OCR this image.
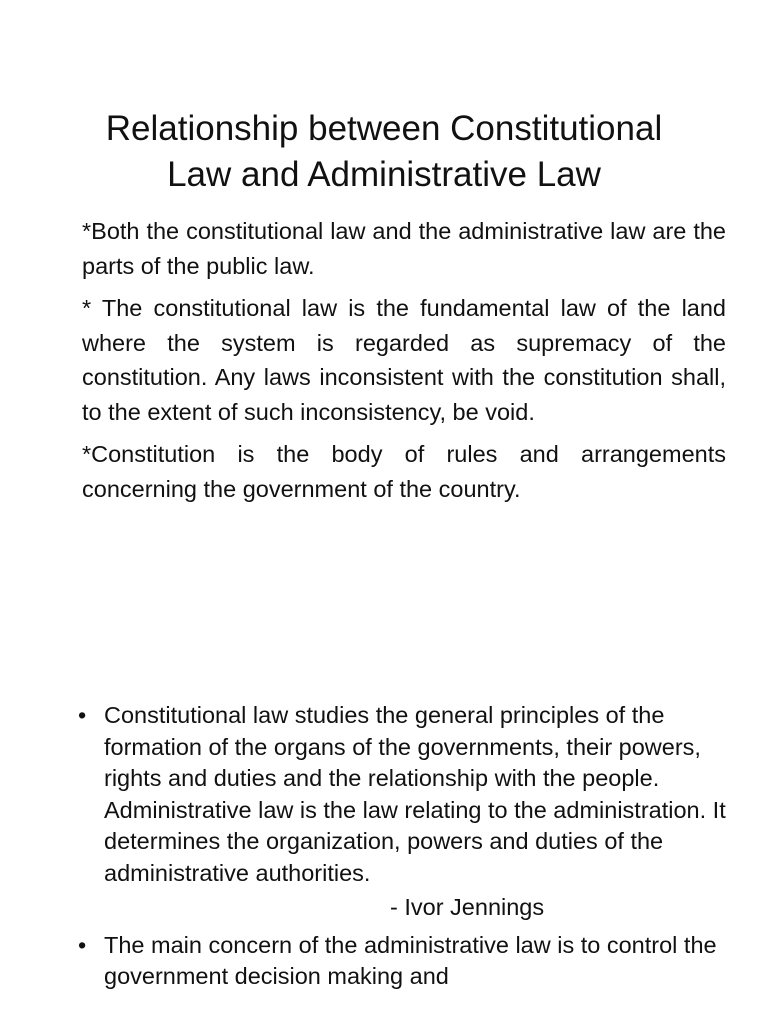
Relationship between Constitutional
Law and Administrative Law

*Both the constitutional law and the administrative law are the parts of the public law.

* The constitutional law is the fundamental law of the land where the system is regarded as supremacy of the constitution. Any laws inconsistent with the constitution shall, to the extent of such inconsistency, be void.

*Constitution is the body of rules and arrangements concerning the government of the country.

• Constitutional law studies the general principles of the formation of the organs of the governments, their powers, rights and duties and the relationship with the people. Administrative law is the law relating to the administration. It determines the organization, powers and duties of the administrative authorities.
- Ivor Jennings
• The main concern of the administrative law is to control the government decision making and
